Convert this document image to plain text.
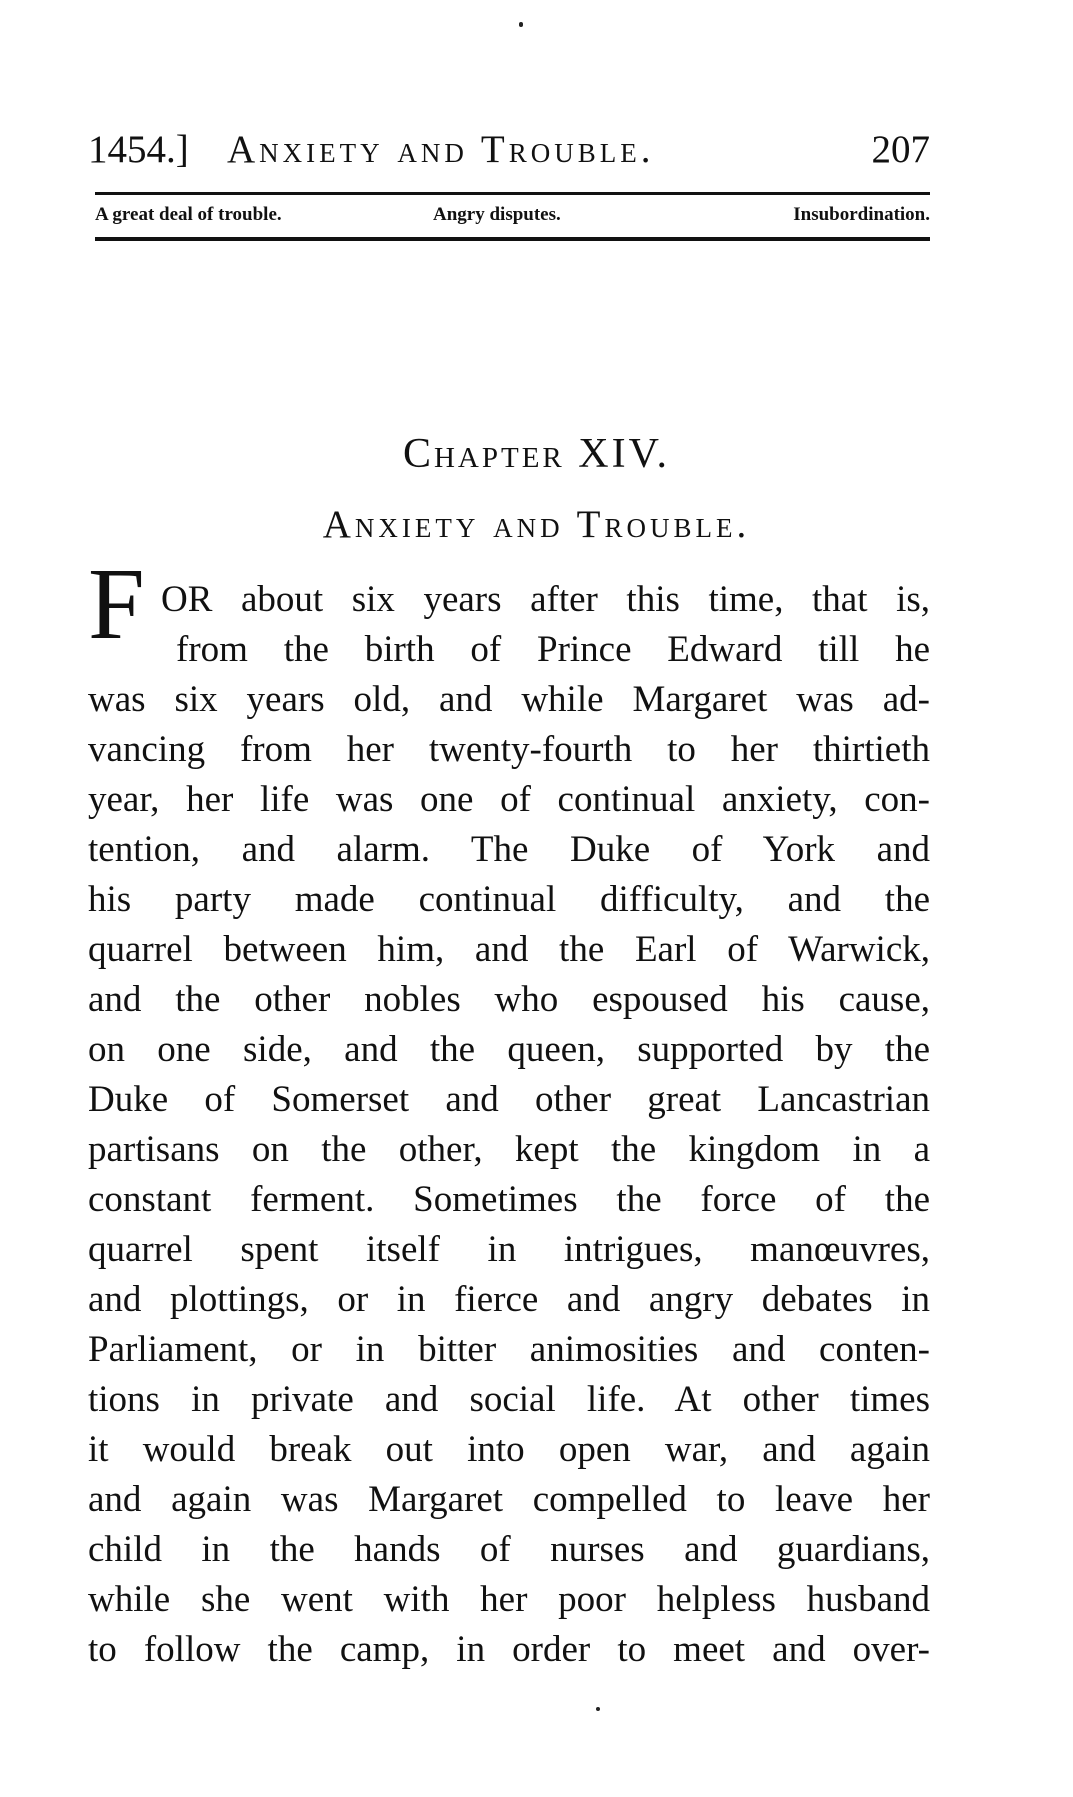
1454.] Anxiety and Trouble.	207
A great deal of trouble.	Angry disputes.	Insubordination.
Chapter XIV.
Anxiety and Trouble.
F OR about six years after this time, that is,
from the birth of Prince Edward till he
was six years old, and while Margaret was ad-
vancing from her twenty-fourth to her thirtieth
year, her life was one of continual anxiety, con-
tention, and alarm. The Duke of York and
his party made continual difficulty, and the
quarrel between him, and the Earl of Warwick,
and the other nobles who espoused his cause,
on one side, and the queen, supported by the
Duke of Somerset and other great Lancastrian
partisans on the other, kept the kingdom in a
constant ferment. Sometimes the force of the
quarrel spent itself in intrigues, manœuvres,
and plottings, or in fierce and angry debates in
Parliament, or in bitter animosities and conten-
tions in private and social life. At other times
it would break out into open war, and again
and again was Margaret compelled to leave her
child in the hands of nurses and guardians,
while she went with her poor helpless husband
to follow the camp, in order to meet and over-
